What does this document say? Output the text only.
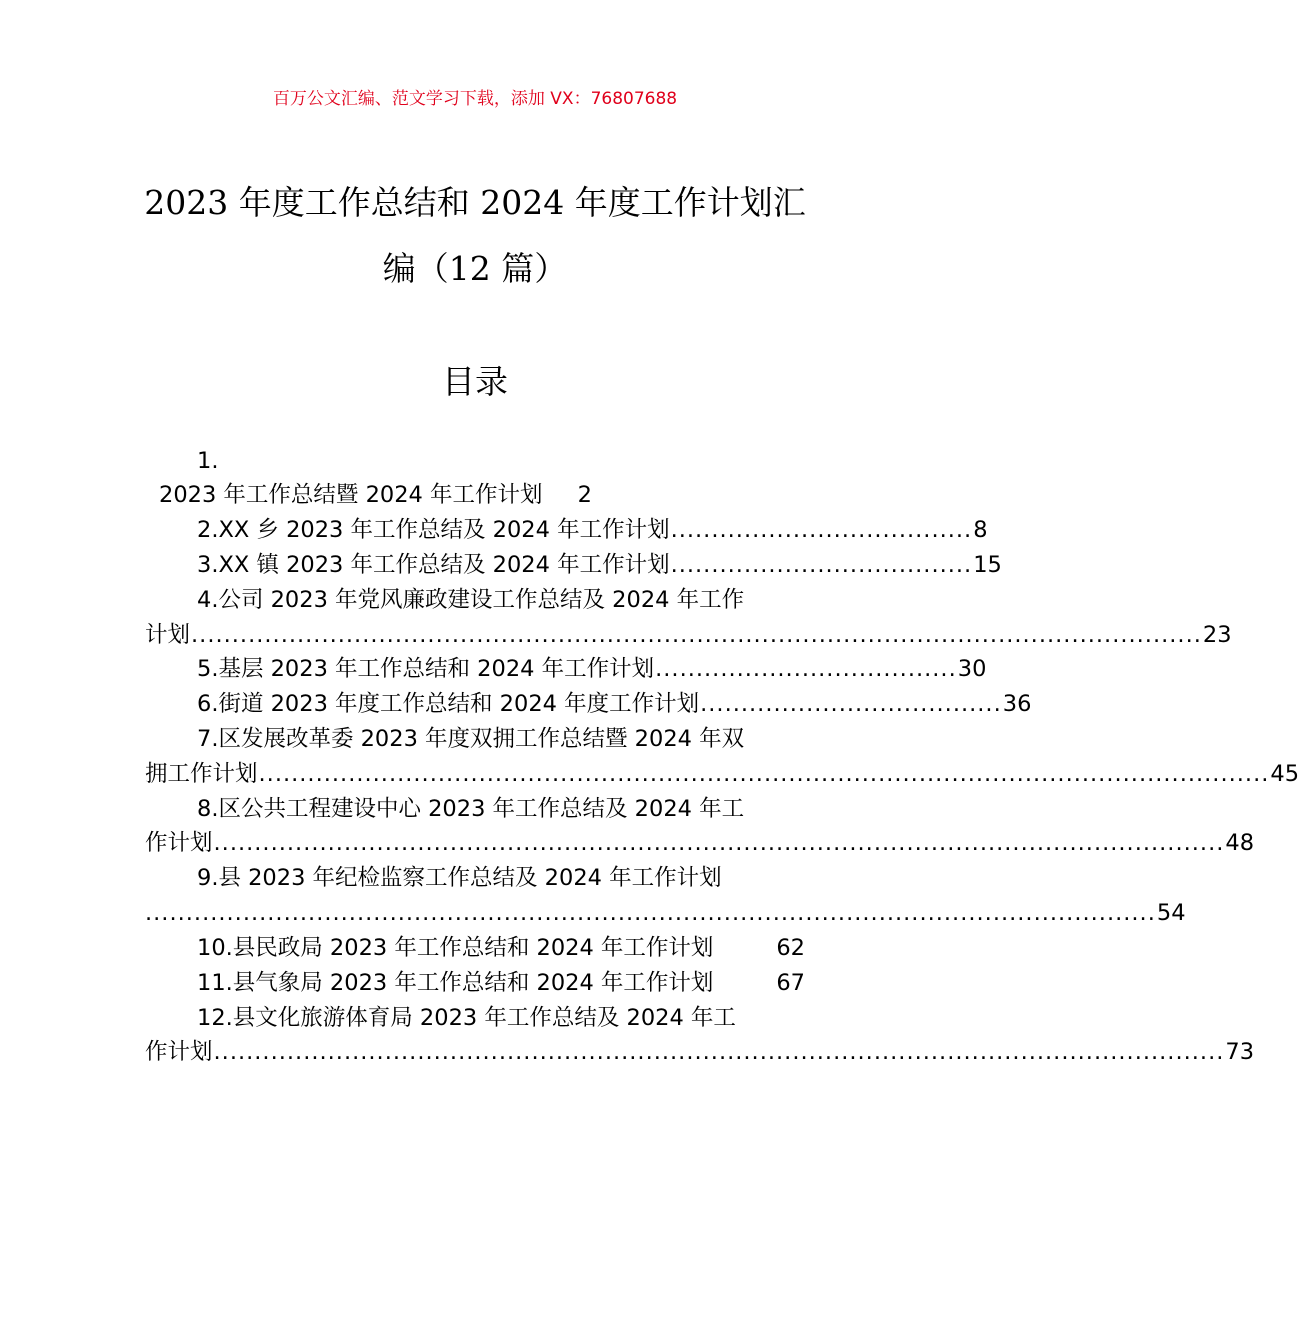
百万公文汇编、范文学习下载，添加 VX：76807688
2023 年度工作总结和 2024 年度工作计划汇
编（12 篇）
目录
1.
2023 年工作总结暨 2024 年工作计划 2
2.XX 乡 2023 年工作总结及 2024 年工作计划 ..................................... 8
3.XX 镇 2023 年工作总结及 2024 年工作计划 ..................................... 15
4.公司 2023 年党风廉政建设工作总结及 2024 年工作
计划 ............................................................................................................................ 23
5.基层 2023 年工作总结和 2024 年工作计划 ..................................... 30
6.街道 2023 年度工作总结和 2024 年度工作计划 ..................................... 36
7.区发展改革委 2023 年度双拥工作总结暨 2024 年双
拥工作计划 ............................................................................................................................ 45
8.区公共工程建设中心 2023 年工作总结及 2024 年工
作计划 ............................................................................................................................ 48
9.县 2023 年纪检监察工作总结及 2024 年工作计划
............................................................................................................................ 54
10.县民政局 2023 年工作总结和 2024 年工作计划	62
11.县气象局 2023 年工作总结和 2024 年工作计划	67
12.县文化旅游体育局 2023 年工作总结及 2024 年工
作计划 ............................................................................................................................ 73
